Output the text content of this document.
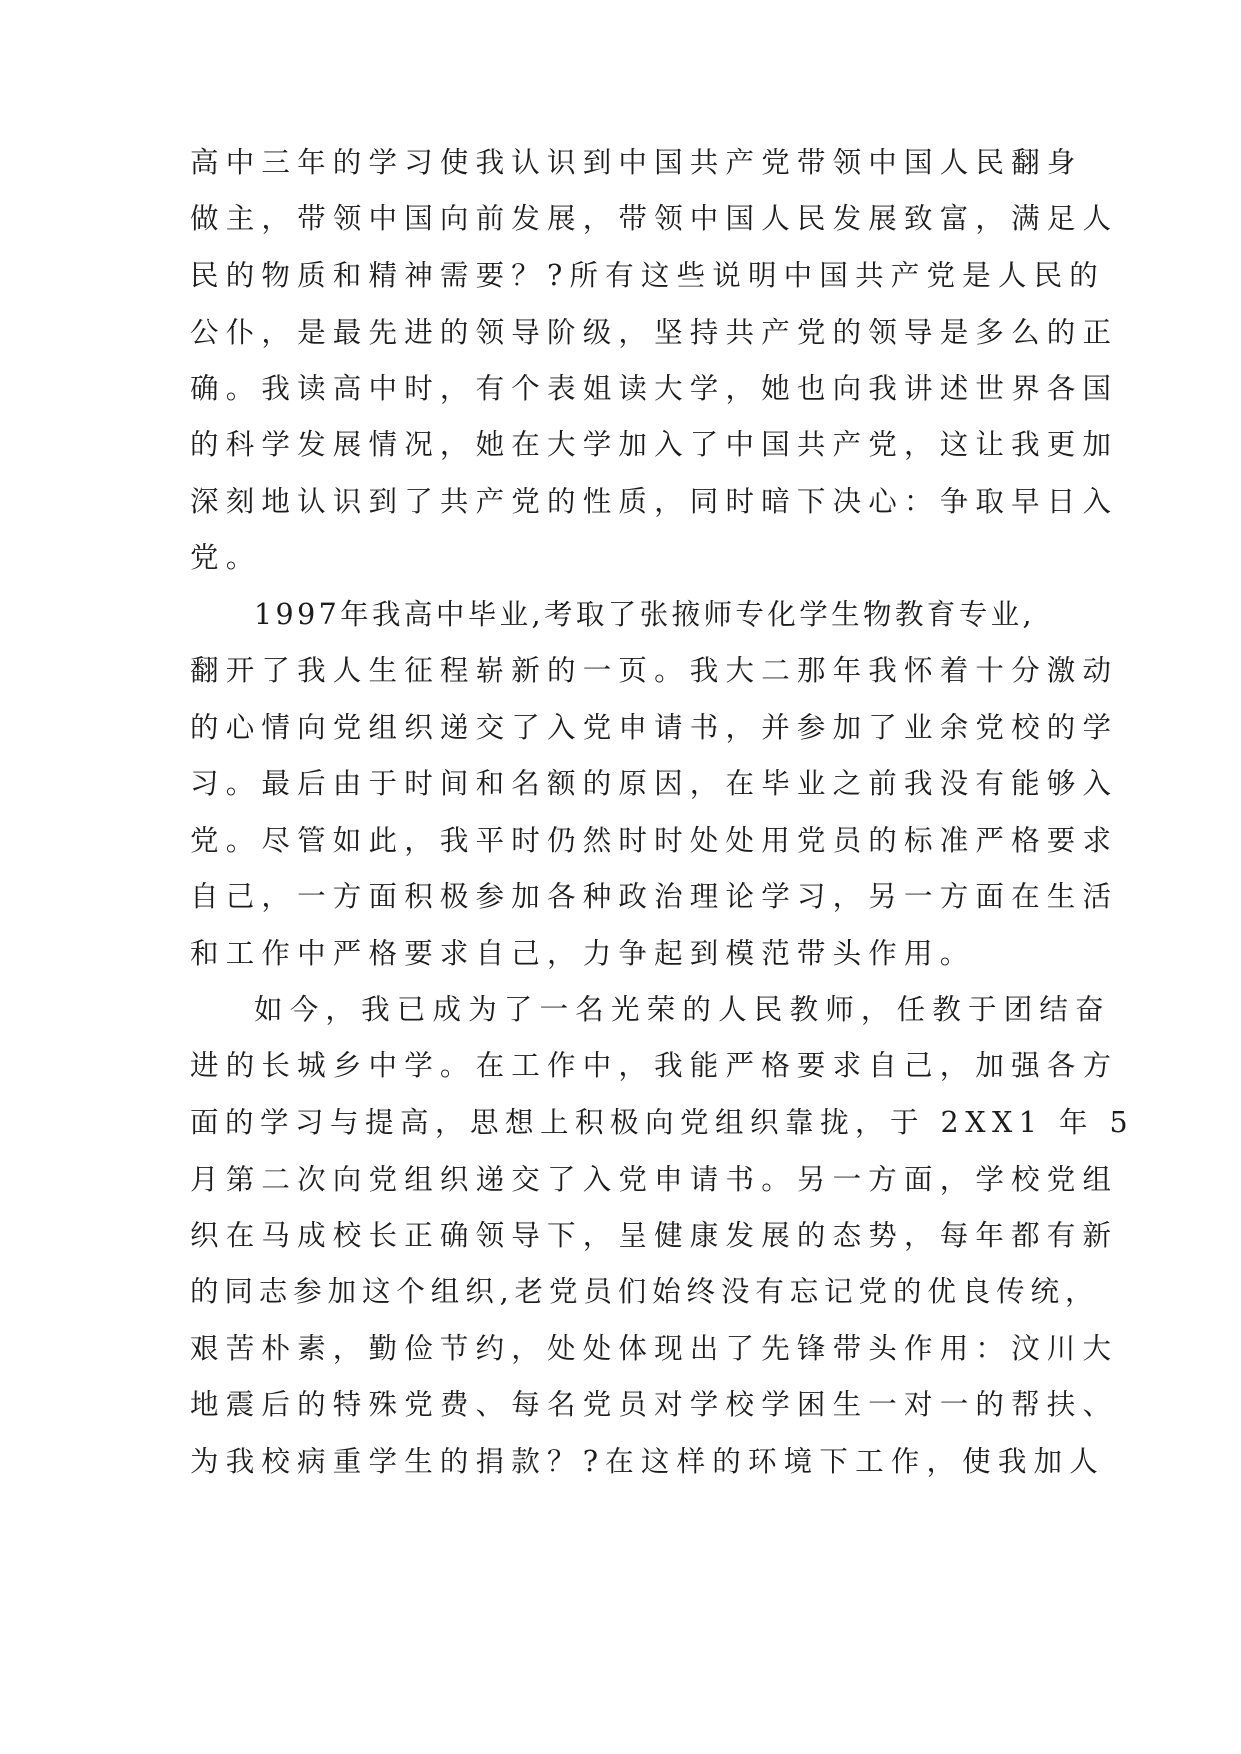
高中三年的学习使我认识到中国共产党带领中国人民翻身
做主，带领中国向前发展，带领中国人民发展致富，满足人
民的物质和精神需要？?所有这些说明中国共产党是人民的
公仆，是最先进的领导阶级，坚持共产党的领导是多么的正
确。我读高中时，有个表姐读大学，她也向我讲述世界各国
的科学发展情况，她在大学加入了中国共产党，这让我更加
深刻地认识到了共产党的性质，同时暗下决心：争取早日入
党。
1997年我高中毕业,考取了张掖师专化学生物教育专业,
翻开了我人生征程崭新的一页。我大二那年我怀着十分激动
的心情向党组织递交了入党申请书，并参加了业余党校的学
习。最后由于时间和名额的原因，在毕业之前我没有能够入
党。尽管如此，我平时仍然时时处处用党员的标准严格要求
自己，一方面积极参加各种政治理论学习，另一方面在生活
和工作中严格要求自己，力争起到模范带头作用。
如今，我已成为了一名光荣的人民教师，任教于团结奋
进的长城乡中学。在工作中，我能严格要求自己，加强各方
面的学习与提高，思想上积极向党组织靠拢，于 2XX1 年 5
月第二次向党组织递交了入党申请书。另一方面，学校党组
织在马成校长正确领导下，呈健康发展的态势，每年都有新
的同志参加这个组织,老党员们始终没有忘记党的优良传统，
艰苦朴素，勤俭节约，处处体现出了先锋带头作用：汶川大
地震后的特殊党费、每名党员对学校学困生一对一的帮扶、
为我校病重学生的捐款？?在这样的环境下工作，使我加人
